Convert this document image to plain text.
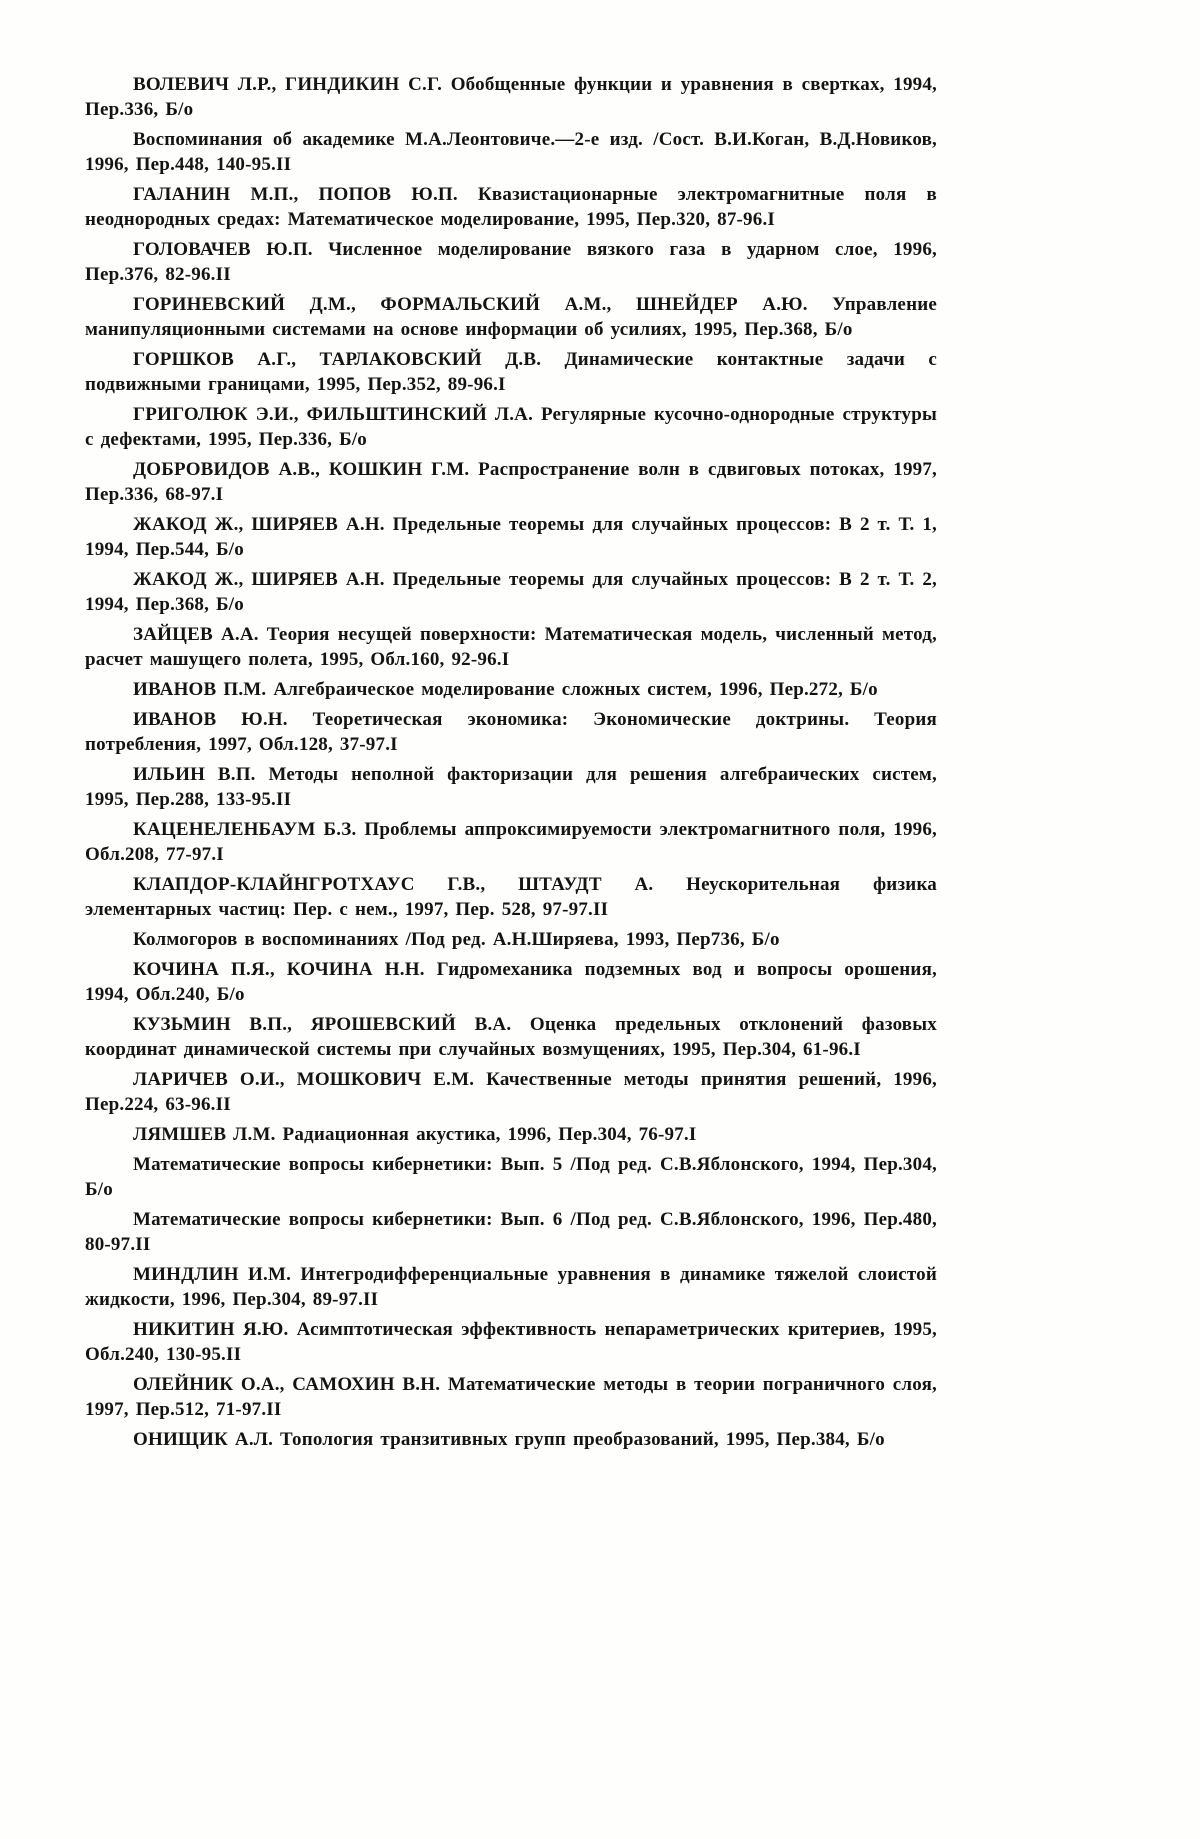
ВОЛЕВИЧ Л.Р., ГИНДИКИН С.Г. Обобщенные функции и уравнения в свертках, 1994, Пер.336, Б/о

Воспоминания об академике М.А.Леонтовиче.—2-е изд. /Сост. В.И.Коган, В.Д.Новиков, 1996, Пер.448, 140-95.II

ГАЛАНИН М.П., ПОПОВ Ю.П. Квазистационарные электромагнитные поля в неоднородных средах: Математическое моделирование, 1995, Пер.320, 87-96.I

ГОЛОВАЧЕВ Ю.П. Численное моделирование вязкого газа в ударном слое, 1996, Пер.376, 82-96.II

ГОРИНЕВСКИЙ Д.М., ФОРМАЛЬСКИЙ А.М., ШНЕЙДЕР А.Ю. Управление манипуляционными системами на основе информации об усилиях, 1995, Пер.368, Б/о

ГОРШКОВ А.Г., ТАРЛАКОВСКИЙ Д.В. Динамические контактные задачи с подвижными границами, 1995, Пер.352, 89-96.I

ГРИГОЛЮК Э.И., ФИЛЬШТИНСКИЙ Л.А. Регулярные кусочно-однородные структуры с дефектами, 1995, Пер.336, Б/о

ДОБРОВИДОВ А.В., КОШКИН Г.М. Распространение волн в сдвиговых потоках, 1997, Пер.336, 68-97.I

ЖАКОД Ж., ШИРЯЕВ А.Н. Предельные теоремы для случайных процессов: В 2 т. Т. 1, 1994, Пер.544, Б/о

ЖАКОД Ж., ШИРЯЕВ А.Н. Предельные теоремы для случайных процессов: В 2 т. Т. 2, 1994, Пер.368, Б/о

ЗАЙЦЕВ А.А. Теория несущей поверхности: Математическая модель, численный метод, расчет машущего полета, 1995, Обл.160, 92-96.I

ИВАНОВ П.М. Алгебраическое моделирование сложных систем, 1996, Пер.272, Б/о

ИВАНОВ Ю.Н. Теоретическая экономика: Экономические доктрины. Теория потребления, 1997, Обл.128, 37-97.I

ИЛЬИН В.П. Методы неполной факторизации для решения алгебраических систем, 1995, Пер.288, 133-95.II

КАЦЕНЕЛЕНБАУМ Б.З. Проблемы аппроксимируемости электромагнитного поля, 1996, Обл.208, 77-97.I

КЛАПДОР-КЛАЙНГРОТХАУС Г.В., ШТАУДТ А. Неускорительная физика элементарных частиц: Пер. с нем., 1997, Пер. 528, 97-97.II

Колмогоров в воспоминаниях /Под ред. А.Н.Ширяева, 1993, Пер736, Б/о

КОЧИНА П.Я., КОЧИНА Н.Н. Гидромеханика подземных вод и вопросы орошения, 1994, Обл.240, Б/о

КУЗЬМИН В.П., ЯРОШЕВСКИЙ В.А. Оценка предельных отклонений фазовых координат динамической системы при случайных возмущениях, 1995, Пер.304, 61-96.I

ЛАРИЧЕВ О.И., МОШКОВИЧ Е.М. Качественные методы принятия решений, 1996, Пер.224, 63-96.II

ЛЯМШЕВ Л.М. Радиационная акустика, 1996, Пер.304, 76-97.I

Математические вопросы кибернетики: Вып. 5 /Под ред. С.В.Яблонского, 1994, Пер.304, Б/о

Математические вопросы кибернетики: Вып. 6 /Под ред. С.В.Яблонского, 1996, Пер.480, 80-97.II

МИНДЛИН И.М. Интегродифференциальные уравнения в динамике тяжелой слоистой жидкости, 1996, Пер.304, 89-97.II

НИКИТИН Я.Ю. Асимптотическая эффективность непараметрических критериев, 1995, Обл.240, 130-95.II

ОЛЕЙНИК О.А., САМОХИН В.Н. Математические методы в теории пограничного слоя, 1997, Пер.512, 71-97.II

ОНИЩИК А.Л. Топология транзитивных групп преобразований, 1995, Пер.384, Б/о
